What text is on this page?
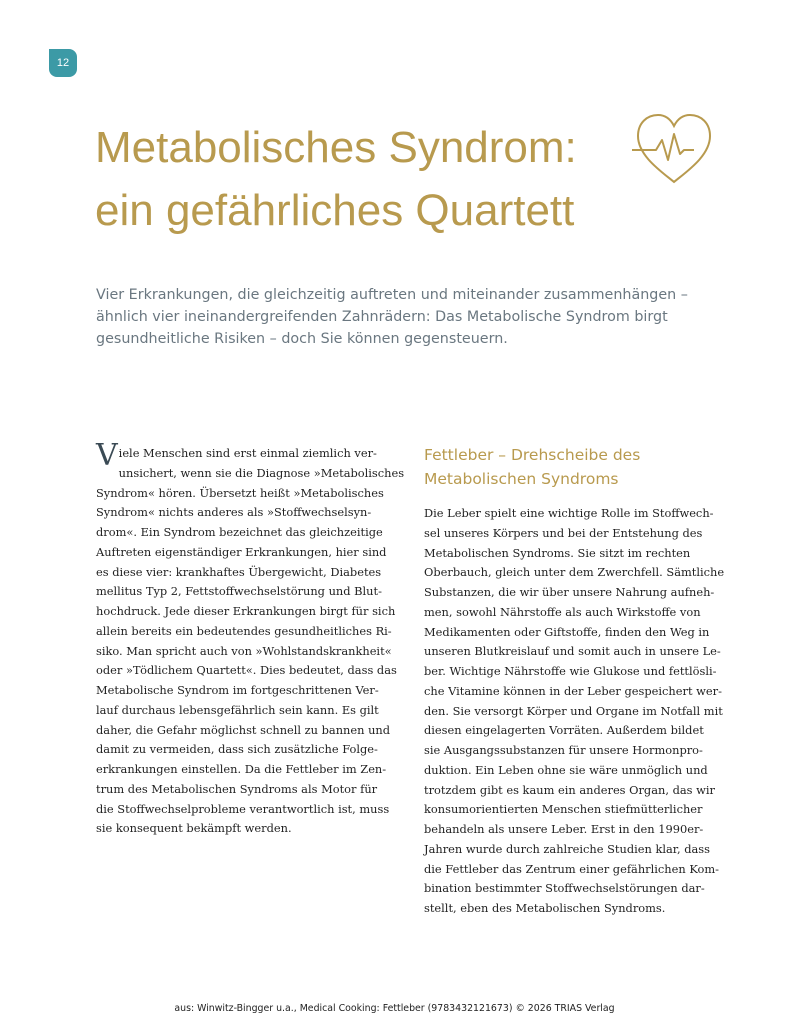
12
Metabolisches Syndrom:
ein gefährliches Quartett

Vier Erkrankungen, die gleichzeitig auftreten und miteinander zusammenhängen –
ähnlich vier ineinandergreifenden Zahnrädern: Das Metabolische Syndrom birgt
gesundheitliche Risiken – doch Sie können gegensteuern.

V iele Menschen sind erst einmal ziemlich ver-
unsichert, wenn sie die Diagnose »Metabolisches
Syndrom« hören. Übersetzt heißt »Metabolisches
Syndrom« nichts anderes als »Stoffwechselsyn-
drom«. Ein Syndrom bezeichnet das gleichzeitige
Auftreten eigenständiger Erkrankungen, hier sind
es diese vier: krankhaftes Übergewicht, Diabetes
mellitus Typ 2, Fettstoffwechselstörung und Blut-
hochdruck. Jede dieser Erkrankungen birgt für sich
allein bereits ein bedeutendes gesundheitliches Ri-
siko. Man spricht auch von »Wohlstandskrankheit«
oder »Tödlichem Quartett«. Dies bedeutet, dass das
Metabolische Syndrom im fortgeschrittenen Ver-
lauf durchaus lebensgefährlich sein kann. Es gilt
daher, die Gefahr möglichst schnell zu bannen und
damit zu vermeiden, dass sich zusätzliche Folge-
erkrankungen einstellen. Da die Fettleber im Zen-
trum des Metabolischen Syndroms als Motor für
die Stoffwechselprobleme verantwortlich ist, muss
sie konsequent bekämpft werden.
Fettleber – Drehscheibe des
Metabolischen Syndroms
Die Leber spielt eine wichtige Rolle im Stoffwech-
sel unseres Körpers und bei der Entstehung des
Metabolischen Syndroms. Sie sitzt im rechten
Oberbauch, gleich unter dem Zwerchfell. Sämtliche
Substanzen, die wir über unsere Nahrung aufneh-
men, sowohl Nährstoffe als auch Wirkstoffe von
Medikamenten oder Giftstoffe, finden den Weg in
unseren Blutkreislauf und somit auch in unsere Le-
ber. Wichtige Nährstoffe wie Glukose und fettlösli-
che Vitamine können in der Leber gespeichert wer-
den. Sie versorgt Körper und Organe im Notfall mit
diesen eingelagerten Vorräten. Außerdem bildet
sie Ausgangssubstanzen für unsere Hormonpro-
duktion. Ein Leben ohne sie wäre unmöglich und
trotzdem gibt es kaum ein anderes Organ, das wir
konsumorientierten Menschen stiefmütterlicher
behandeln als unsere Leber. Erst in den 1990er-
Jahren wurde durch zahlreiche Studien klar, dass
die Fettleber das Zentrum einer gefährlichen Kom-
bination bestimmter Stoffwechselstörungen dar-
stellt, eben des Metabolischen Syndroms.
aus: Winwitz-Bingger u.a., Medical Cooking: Fettleber (9783432121673) © 2026 TRIAS Verlag
